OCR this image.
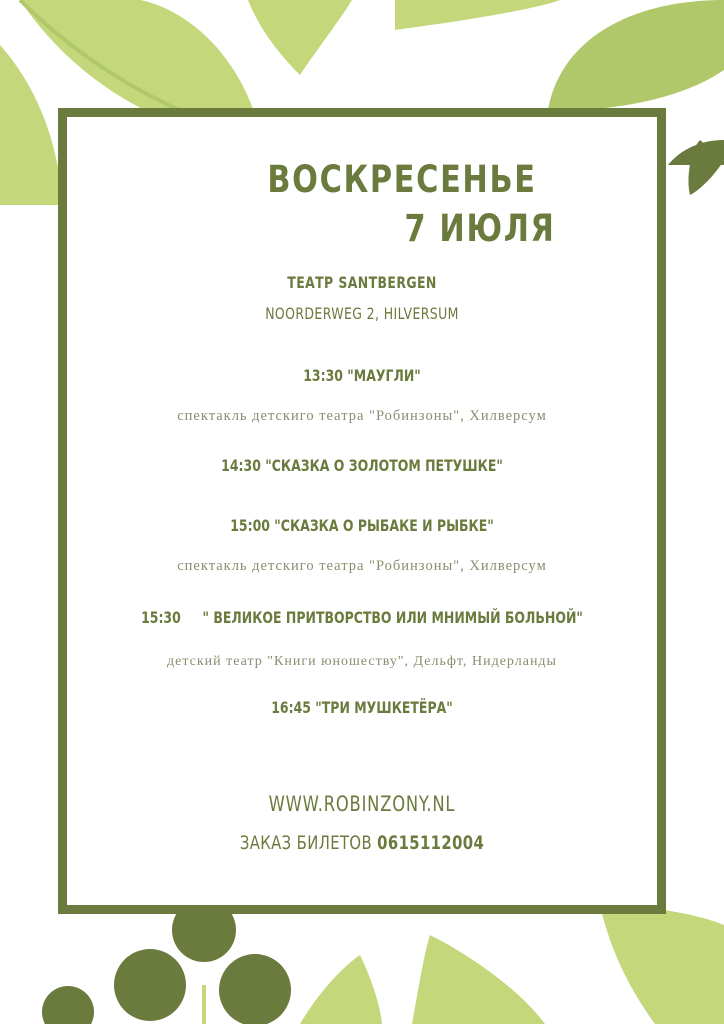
ВОСКРЕСЕНЬЕ
7 ИЮЛЯ
ТЕАТР SANTBERGEN
NOORDERWEG 2, HILVERSUM
13:30 "МАУГЛИ"
спектакль детскиго театра "Робинзоны", Хилверсум
14:30 "СКАЗКА О ЗОЛОТОМ ПЕТУШКЕ"
15:00 "СКАЗКА О РЫБАКЕ И РЫБКЕ"
спектакль детскиго театра "Робинзоны", Хилверсум
15:30 " ВЕЛИКОЕ ПРИТВОРСТВО ИЛИ МНИМЫЙ БОЛЬНОЙ"
детский театр "Книги юношеству", Дельфт, Нидерланды
16:45 "ТРИ МУШКЕТЁРА"
WWW.ROBINZONY.NL
ЗАКАЗ БИЛЕТОВ 0615112004
